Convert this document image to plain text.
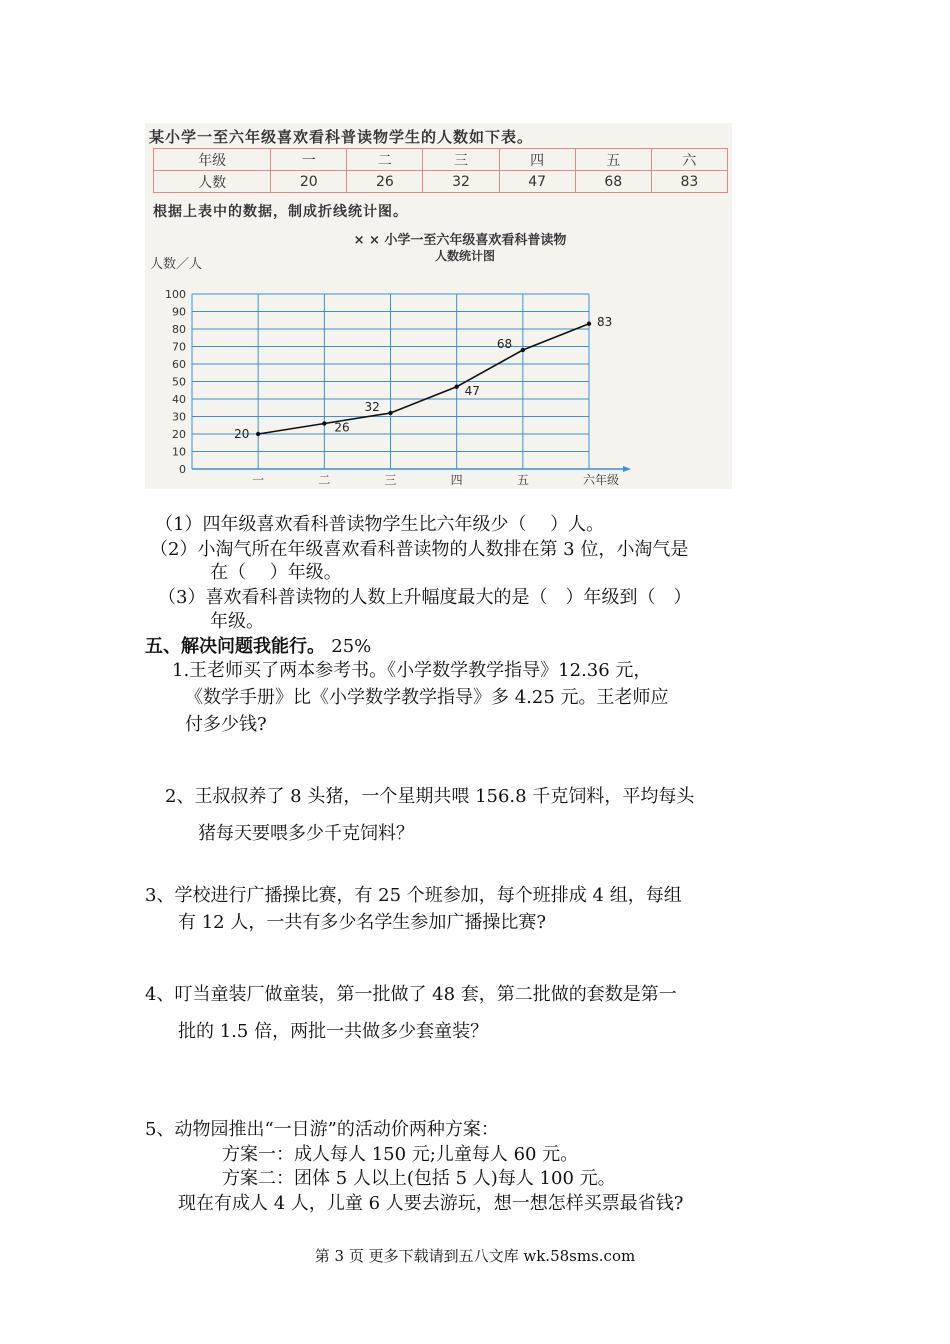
某小学一至六年级喜欢看科普读物学生的人数如下表。
年级	一	二	三	四	五	六
人数	20	26	32	47	68	83
根据上表中的数据，制成折线统计图。
× × 小学一至六年级喜欢看科普读物
人数统计图
人数／人
0
10
20
30
40
50
60
70
80
90
100
一	二	三	四	五	六 年级
20	26
32
47
68
83
（1）四年级喜欢看科普读物学生比六年级少（　 ）人。
（2）小淘气所在年级喜欢看科普读物的人数排在第 3 位，小淘气是
在（　 ）年级。
（3）喜欢看科普读物的人数上升幅度最大的是（　）年级到（　）
年级。
五、解决问题我能行。 25%
1.王老师买了两本参考书。《小学数学教学指导》12.36 元，
《数学手册》比《小学数学教学指导》多 4.25 元。王老师应
付多少钱?
2、王叔叔养了 8 头猪，一个星期共喂 156.8 千克饲料，平均每头
猪每天要喂多少千克饲料？
3、学校进行广播操比赛，有 25 个班参加，每个班排成 4 组，每组
有 12 人，一共有多少名学生参加广播操比赛?
4、叮当童装厂做童装，第一批做了 48 套，第二批做的套数是第一
批的 1.5 倍，两批一共做多少套童装？
5、动物园推出“一日游”的活动价两种方案：
方案一：成人每人 150 元;儿童每人 60 元。
方案二：团体 5 人以上(包括 5 人)每人 100 元。
现在有成人 4 人，儿童 6 人要去游玩，想一想怎样买票最省钱?
第 3 页 更多下载请到五八文库 wk.58sms.com
